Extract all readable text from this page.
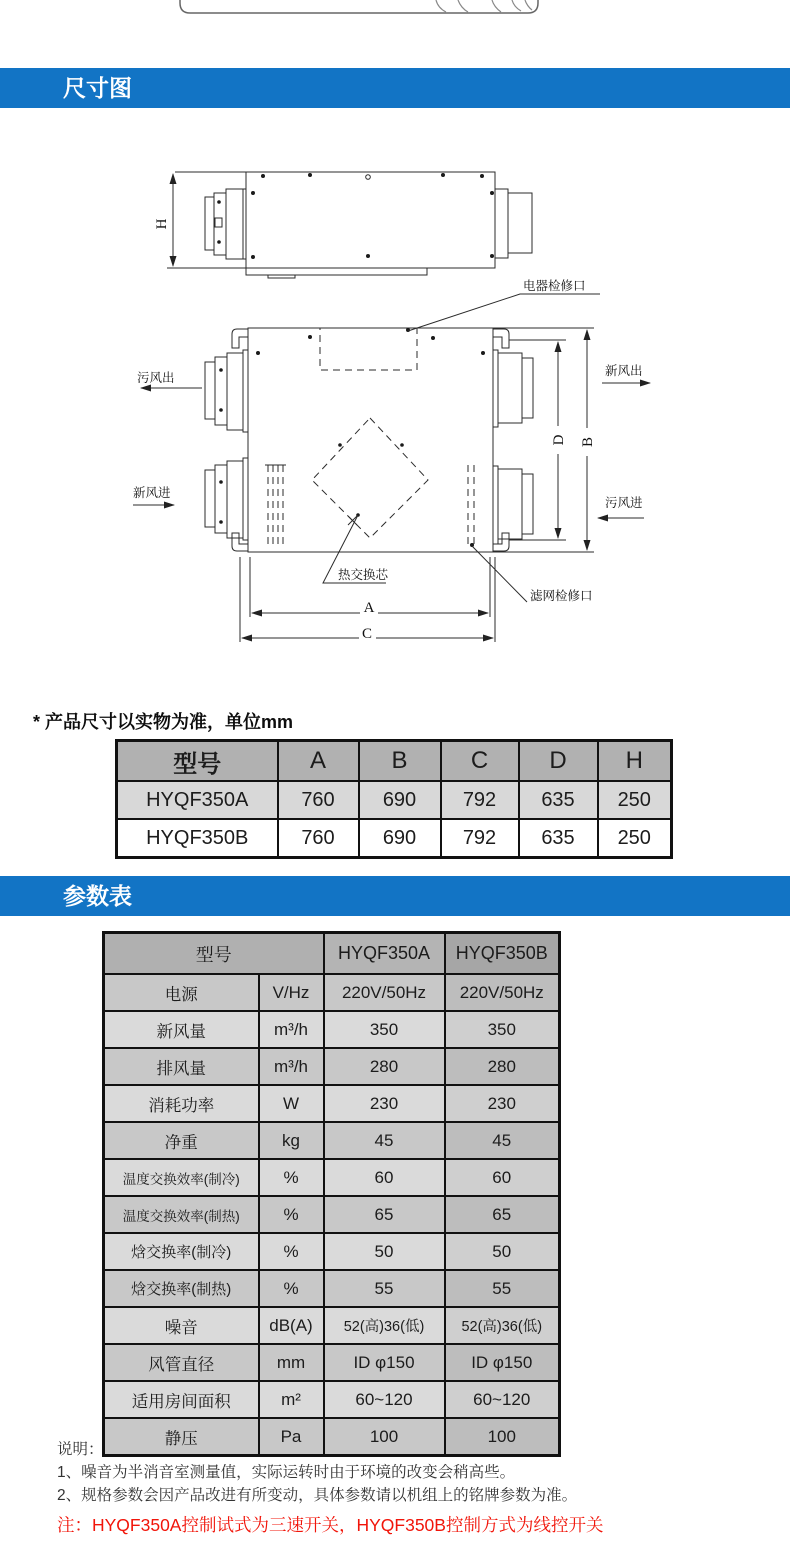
尺寸图
H
D B
A
C
污风出
新风进
新风出
污风进
电器检修口
热交换芯
滤网检修口

* 产品尺寸以实物为准，单位mm

型号	A	B	C	D	H
HYQF350A	760	690	792	635	250
HYQF350B	760	690	792	635	250
参数表
型号		HYQF350A	HYQF350B
电源	V/Hz	220V/50Hz	220V/50Hz
新风量	m³/h	350	350
排风量	m³/h	280	280
消耗功率	W	230	230
净重	kg	45	45
温度交换效率(制冷)	%	60	60
温度交换效率(制热)	%	65	65
焓交换率(制冷)	%	50	50
焓交换率(制热)	%	55	55
噪音	dB(A)	52(高)36(低)	52(高)36(低)
风管直径	mm	ID φ150	ID φ150
适用房间面积	m²	60~120	60~120
静压	Pa	100	100

说明：

1、噪音为半消音室测量值，实际运转时由于环境的改变会稍高些。

2、规格参数会因产品改进有所变动，具体参数请以机组上的铭牌参数为准。

注：HYQF350A控制试式为三速开关，HYQF350B控制方式为线控开关
